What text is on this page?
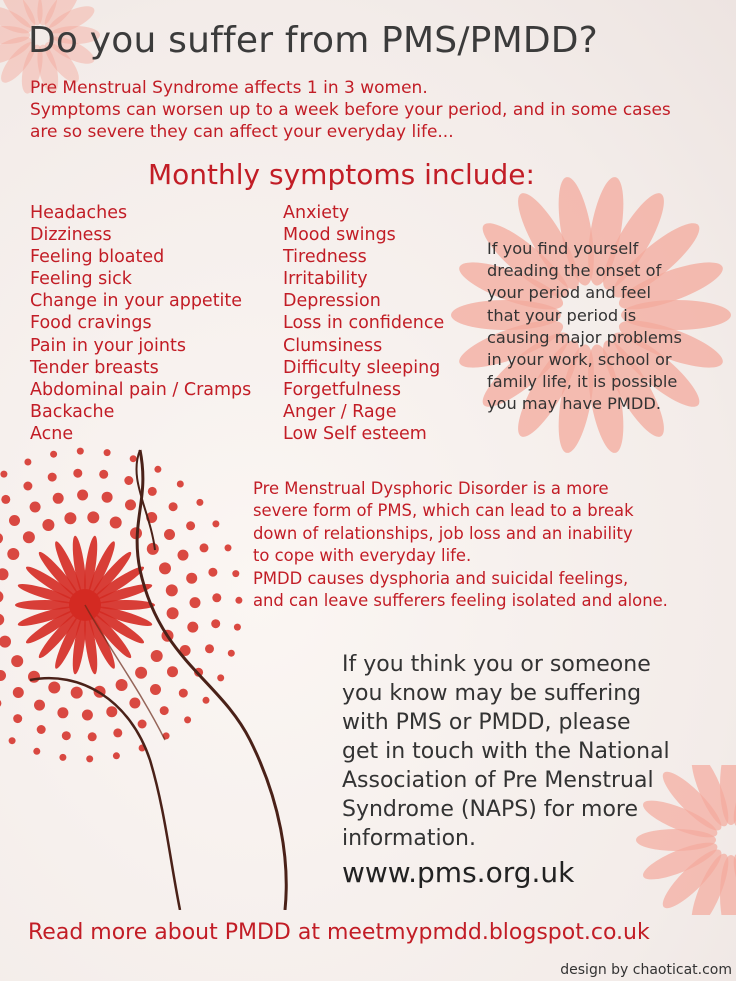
Do you suffer from PMS/PMDD?
Pre Menstrual Syndrome affects 1 in 3 women.
Symptoms can worsen up to a week before your period, and in some cases
are so severe they can affect your everyday life...
Monthly symptoms include:
Headaches
Dizziness
Feeling bloated
Feeling sick
Change in your appetite
Food cravings
Pain in your joints
Tender breasts
Abdominal pain / Cramps
Backache
Acne
Anxiety
Mood swings
Tiredness
Irritability
Depression
Loss in confidence
Clumsiness
Difficulty sleeping
Forgetfulness
Anger / Rage
Low Self esteem
If you find yourself
dreading the onset of
your period and feel
that your period is
causing major problems
in your work, school or
family life, it is possible
you may have PMDD.
Pre Menstrual Dysphoric Disorder is a more
severe form of PMS, which can lead to a break
down of relationships, job loss and an inability
to cope with everyday life.
PMDD causes dysphoria and suicidal feelings,
and can leave sufferers feeling isolated and alone.
If you think you or someone
you know may be suffering
with PMS or PMDD, please
get in touch with the National
Association of Pre Menstrual
Syndrome (NAPS) for more
information.
www.pms.org.uk
Read more about PMDD at meetmypmdd.blogspot.co.uk
design by chaoticat.com
